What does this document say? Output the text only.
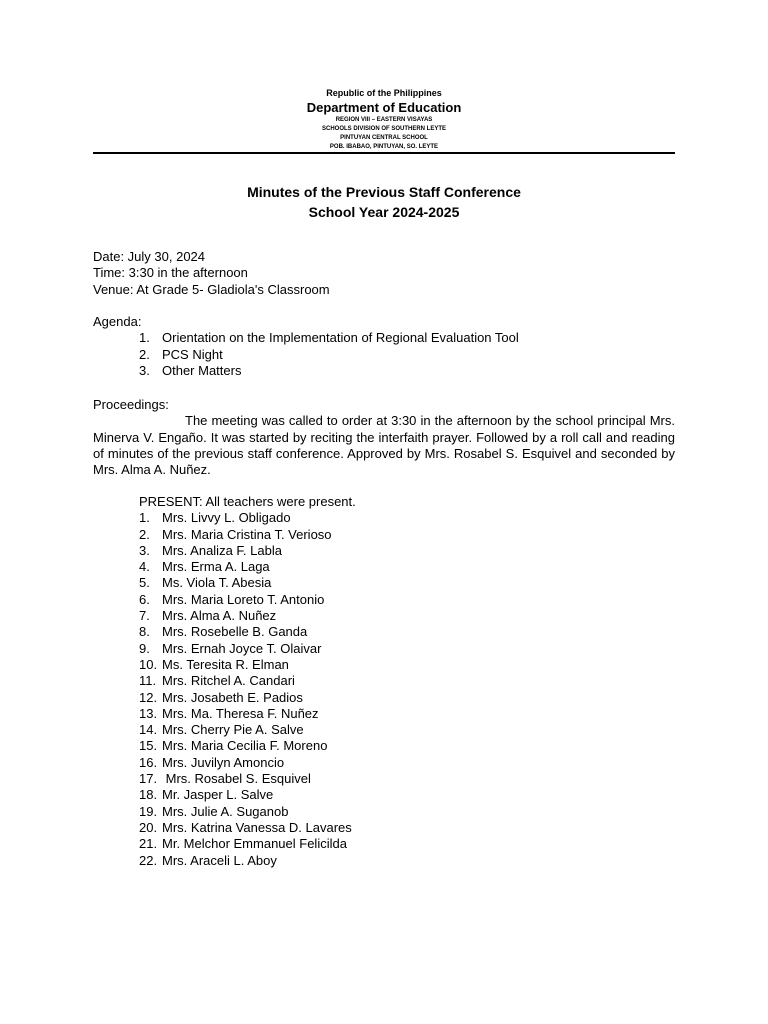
Republic of the Philippines
Department of Education
REGION VIII – EASTERN VISAYAS
SCHOOLS DIVISION OF SOUTHERN LEYTE
PINTUYAN CENTRAL SCHOOL
POB. IBABAO, PINTUYAN, SO. LEYTE
Minutes of the Previous Staff Conference
School Year 2024-2025
Date: July 30, 2024
Time: 3:30 in the afternoon
Venue: At Grade 5- Gladiola's Classroom
Agenda:
1. Orientation on the Implementation of Regional Evaluation Tool
2. PCS Night
3. Other Matters
Proceedings:

The meeting was called to order at 3:30 in the afternoon by the school principal Mrs. Minerva V. Engaño. It was started by reciting the interfaith prayer. Followed by a roll call and reading of minutes of the previous staff conference. Approved by Mrs. Rosabel S. Esquivel and seconded by Mrs. Alma A. Nuñez.

PRESENT: All teachers were present.
1. Mrs. Livvy L. Obligado
2. Mrs. Maria Cristina T. Verioso
3. Mrs. Analiza F. Labla
4. Mrs. Erma A. Laga
5. Ms. Viola T. Abesia
6. Mrs. Maria Loreto T. Antonio
7. Mrs. Alma A. Nuñez
8. Mrs. Rosebelle B. Ganda
9. Mrs. Ernah Joyce T. Olaivar
10. Ms. Teresita R. Elman
11. Mrs. Ritchel A. Candari
12. Mrs. Josabeth E. Padios
13. Mrs. Ma. Theresa F. Nuñez
14. Mrs. Cherry Pie A. Salve
15. Mrs. Maria Cecilia F. Moreno
16. Mrs. Juvilyn Amoncio
17. Mrs. Rosabel S. Esquivel
18. Mr. Jasper L. Salve
19. Mrs. Julie A. Suganob
20. Mrs. Katrina Vanessa D. Lavares
21. Mr. Melchor Emmanuel Felicilda
22. Mrs. Araceli L. Aboy
